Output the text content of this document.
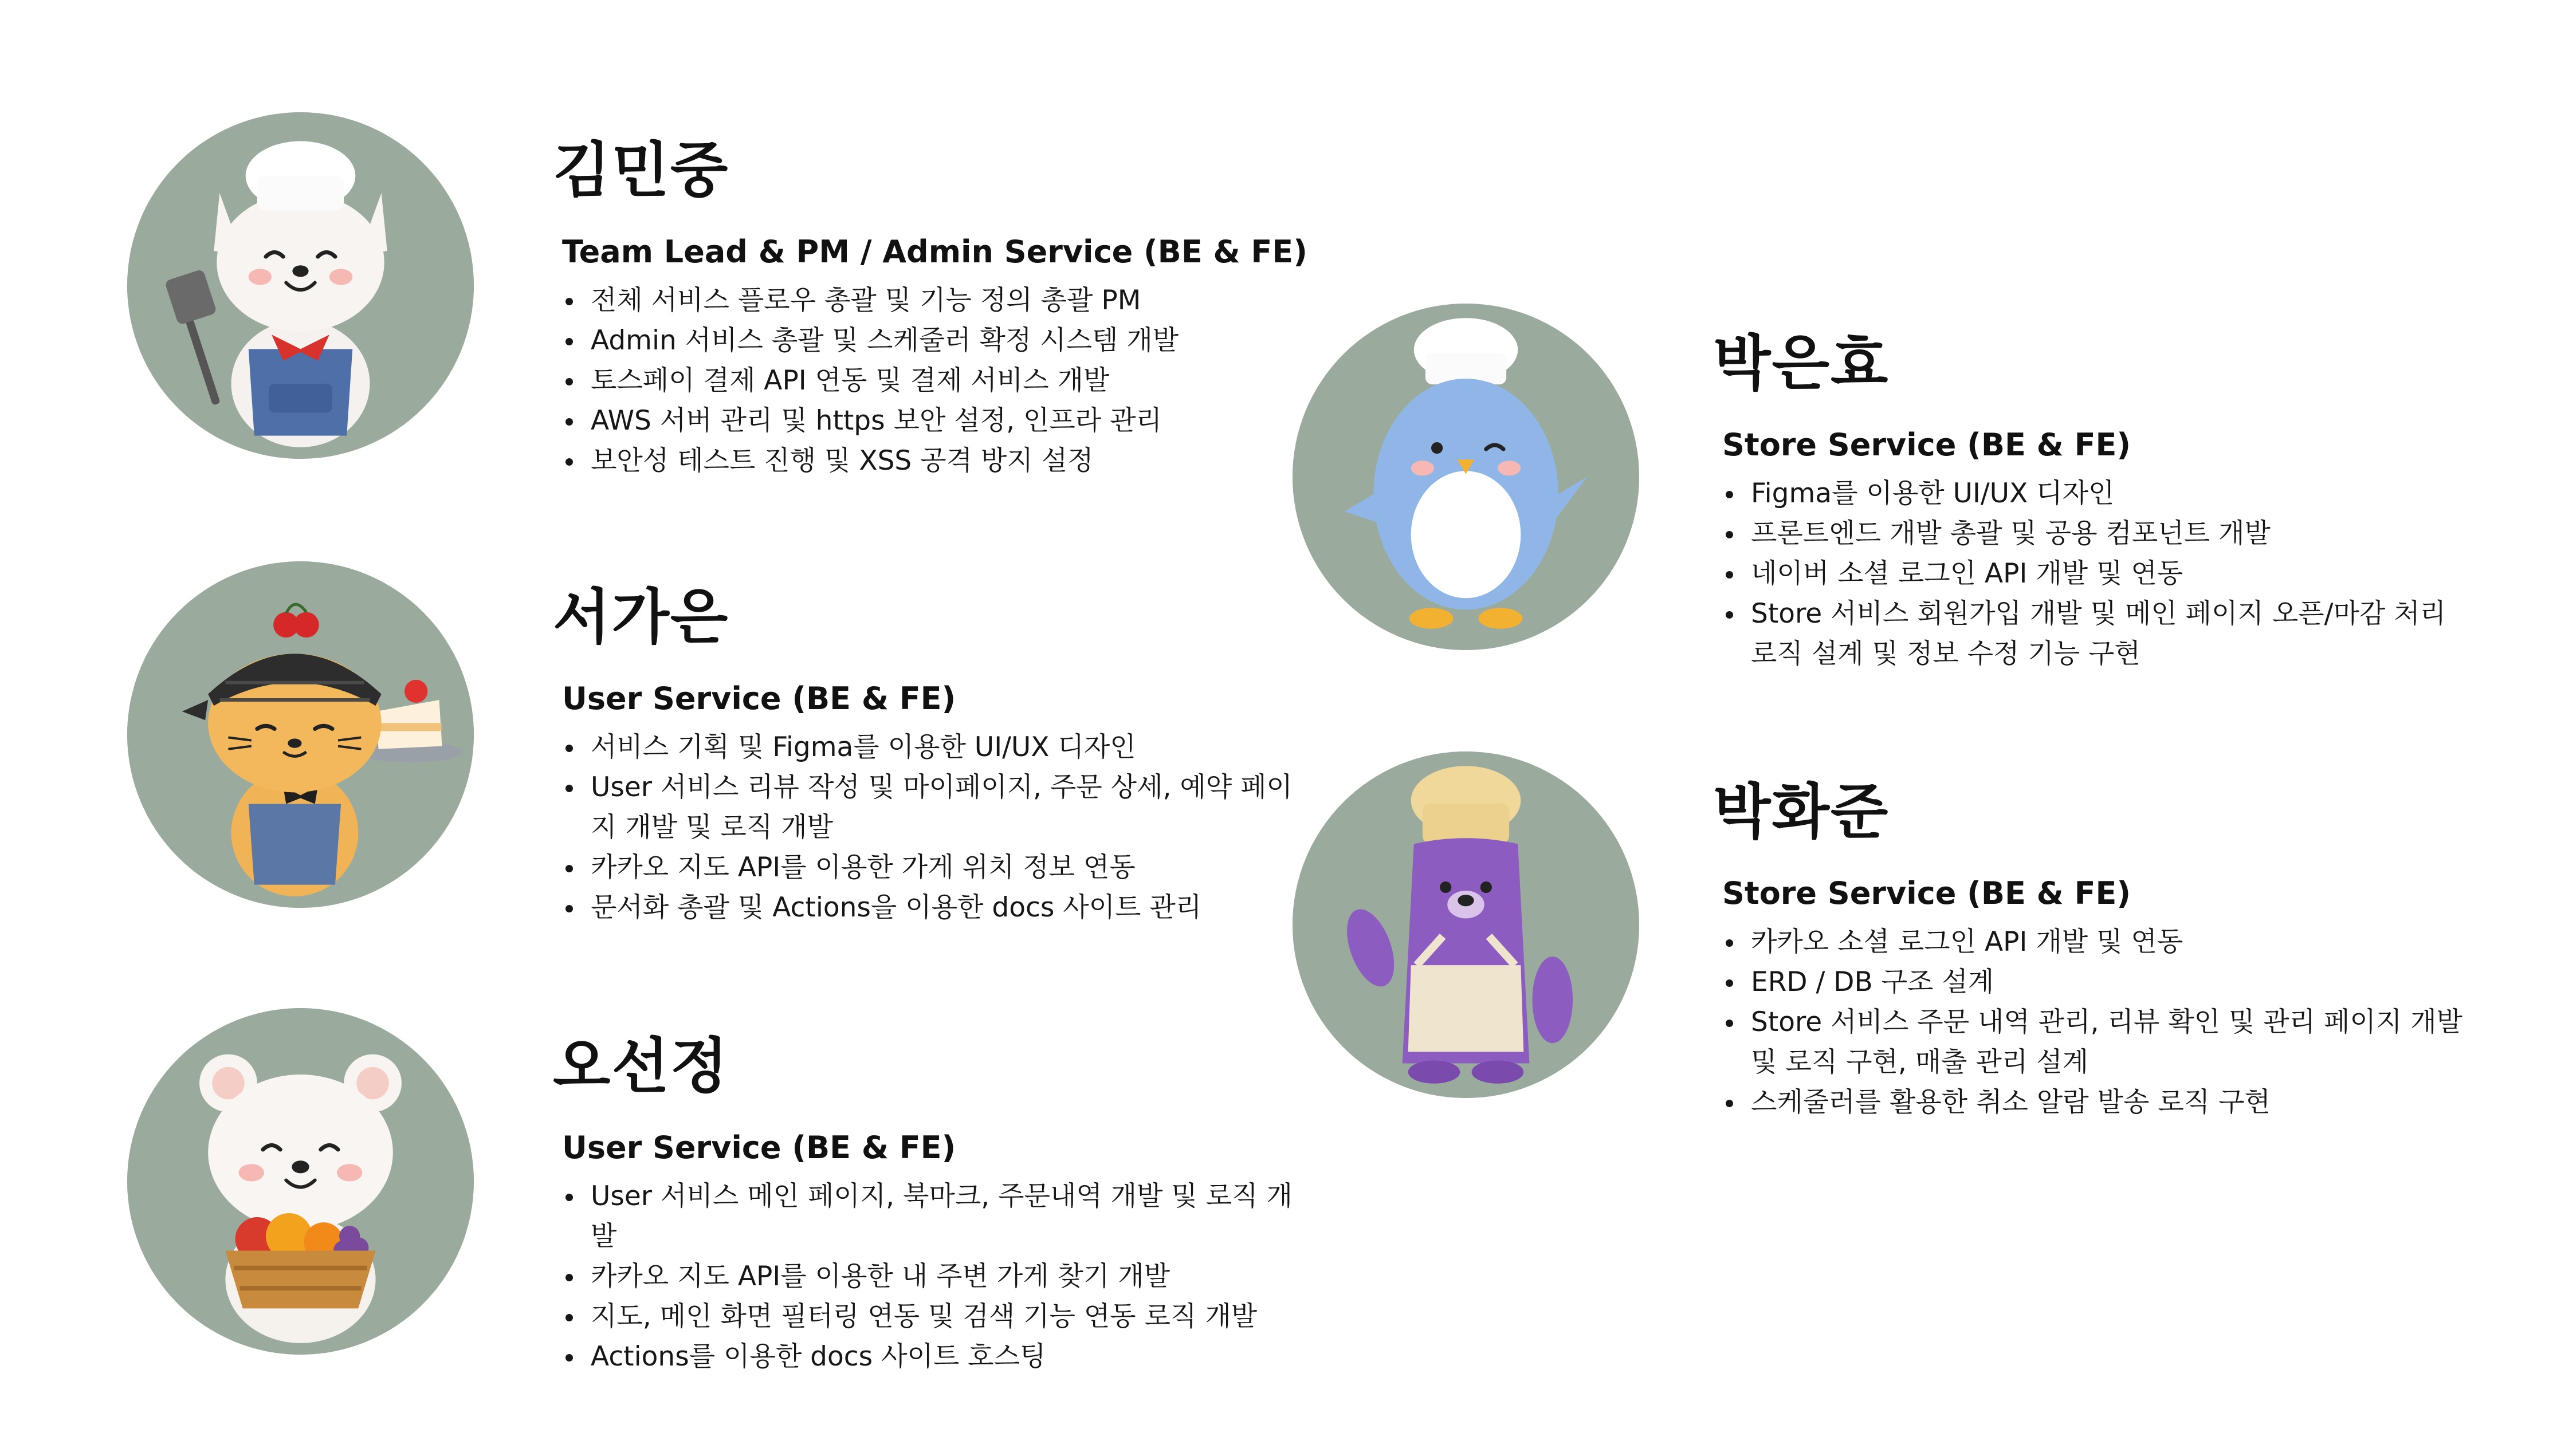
김민중
Team Lead & PM / Admin Service (BE & FE)
전체 서비스 플로우 총괄 및 기능 정의 총괄 PM
Admin 서비스 총괄 및 스케줄러 확정 시스템 개발
토스페이 결제 API 연동 및 결제 서비스 개발
AWS 서버 관리 및 https 보안 설정, 인프라 관리
보안성 테스트 진행 및 XSS 공격 방지 설정
서가은
User Service (BE & FE)
서비스 기획 및 Figma를 이용한 UI/UX 디자인
User 서비스 리뷰 작성 및 마이페이지, 주문 상세, 예약 페이지 개발 및 로직 개발
카카오 지도 API를 이용한 가게 위치 정보 연동
문서화 총괄 및 Actions을 이용한 docs 사이트 관리
오선정
User Service (BE & FE)
User 서비스 메인 페이지, 북마크, 주문내역 개발 및 로직 개발
카카오 지도 API를 이용한 내 주변 가게 찾기 개발
지도, 메인 화면 필터링 연동 및 검색 기능 연동 로직 개발
Actions를 이용한 docs 사이트 호스팅
박은효
Store Service (BE & FE)
Figma를 이용한 UI/UX 디자인
프론트엔드 개발 총괄 및 공용 컴포넌트 개발
네이버 소셜 로그인 API 개발 및 연동
Store 서비스 회원가입 개발 및 메인 페이지 오픈/마감 처리 로직 설계 및 정보 수정 기능 구현
박화준
Store Service (BE & FE)
카카오 소셜 로그인 API 개발 및 연동
ERD / DB 구조 설계
Store 서비스 주문 내역 관리, 리뷰 확인 및 관리 페이지 개발 및 로직 구현, 매출 관리 설계
스케줄러를 활용한 취소 알람 발송 로직 구현
